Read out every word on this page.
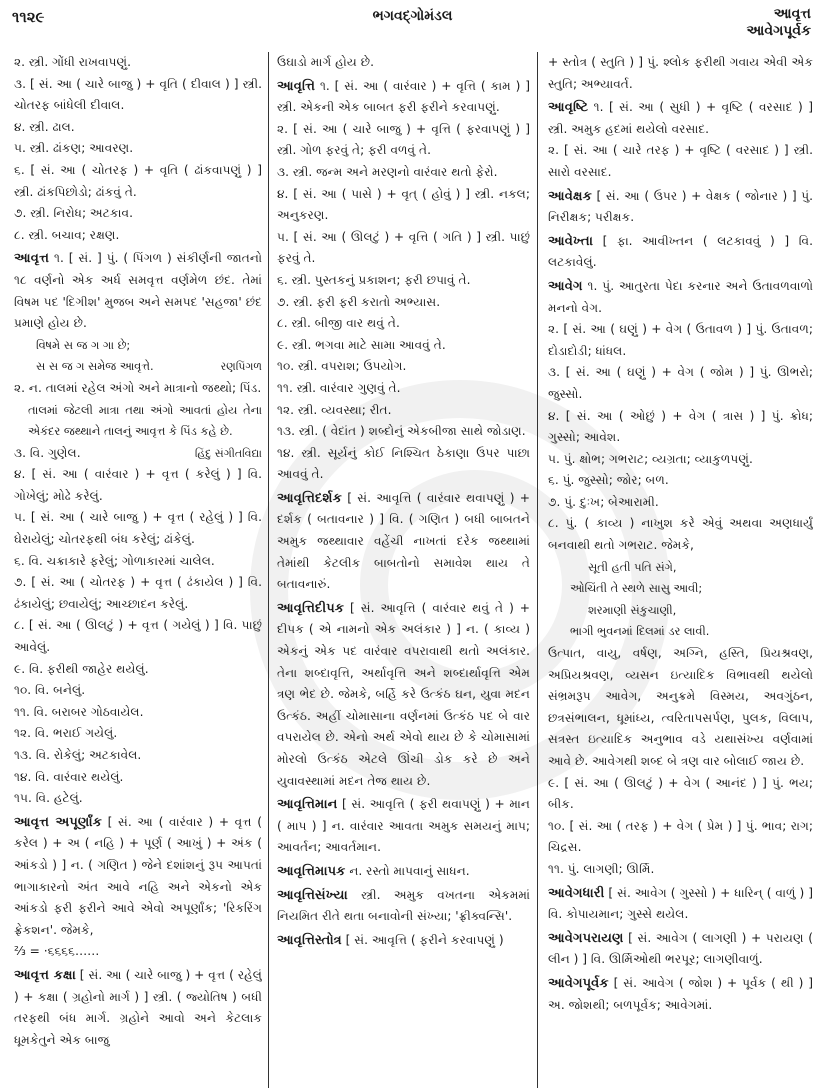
૧૧૨૯	ભગવદ્ગોમંડલ	આવૃત્ત
આવેગપૂર્વક
૨. સ્ત્રી. ગોંધી રાખવાપણું.
૩. [ સં. આ ( ચારે બાજુ ) + વૃતિ ( દીવાલ ) ] સ્ત્રી. ચોતરફ બાંધેલી દીવાલ.
૪. સ્ત્રી. ઢાલ.
૫. સ્ત્રી. ઢાંકણ; આવરણ.
૬. [ સં. આ ( ચોતરફ ) + વૃતિ ( ઢાંકવાપણું ) ] સ્ત્રી. ઢાંકપિછોડો; ઢાંકવું તે.
૭. સ્ત્રી. નિરોધ; અટકાવ.
૮. સ્ત્રી. બચાવ; રક્ષણ.
આવૃત્ત ૧. [ સં. ] પું. ( પિંગળ ) સંકીર્ણની જાતનો ૧૮ વર્ણનો એક અર્ધ સમવૃત્ત વર્ણમેળ છંદ. તેમાં વિષમ પદ 'દિગીશ' મુજબ અને સમપદ 'સહજા' છંદ પ્રમાણે હોય છે.
વિષમે સ જ ગ ગા છે;
સ સ જ ગ સમેજ આવૃત્તે.	રણપિંગળ
૨. ન. તાલમાં રહેલ અંગો અને માત્રાનો જથ્થો; પિંડ.
તાલમાં જેટલી માત્રા તથા અંગો આવતાં હોય તેના એકંદર જથ્થાને તાલનું આવૃત્ત કે પિંડ કહે છે.
હિંદુ સંગીતવિદ્યા
૩. વિ. ગુણેલ.
૪. [ સં. આ ( વારંવાર ) + વૃત્ત ( કરેલું ) ] વિ. ગોખેલું; મોઢે કરેલું.
૫. [ સં. આ ( ચારે બાજુ ) + વૃત્ત ( રહેલું ) ] વિ. ઘેરાયેલું; ચોતરફથી બંધ કરેલું; ઢાંકેલું.
૬. વિ. ચક્રાકારે ફરેલું; ગોળાકારમાં ચાલેલ.
૭. [ સં. આ ( ચોતરફ ) + વૃત્ત ( ઢંકાયેલ ) ] વિ. ઢંકાયેલું; છવાયેલું; આચ્છાદન કરેલું.
૮. [ સં. આ ( ઊલટું ) + વૃત્ત ( ગયેલું ) ] વિ. પાછું આવેલું.
૯. વિ. ફરીથી જાહેર થયેલું.
૧૦. વિ. બનેલું.
૧૧. વિ. બરાબર ગોઠવાયેલ.
૧૨. વિ. ભરાઈ ગયેલું.
૧૩. વિ. રોકેલું; અટકાવેલ.
૧૪. વિ. વારંવાર થયેલું.
૧૫. વિ. હટેલું.
આવૃત્ત અપૂર્ણાંક [ સં. આ ( વારંવાર ) + વૃત્ત ( કરેલ ) + અ ( નહિ ) + પૂર્ણ ( આખું ) + અંક ( આંકડો ) ] ન. ( ગણિત ) જેને દશાંશનું રૂપ આપતાં ભાગાકારનો અંત આવે નહિ અને એકનો એક આંકડો ફરી ફરીને આવે એવો અપૂર્ણાંક; 'રિકરિંગ ફ્રેકશન'. જેમકે,
⅔ = ·૬૬૬૬……
આવૃત્ત કક્ષા [ સં. આ ( ચારે બાજુ ) + વૃત્ત ( રહેલું ) + કક્ષા ( ગ્રહોનો માર્ગ ) ] સ્ત્રી. ( જ્યોતિષ ) બધી તરફથી બંધ માર્ગ. ગ્રહોને આવો અને કેટલાક ધૂમકેતુને એક બાજુ
ઉઘાડો માર્ગ હોય છે.
આવૃત્તિ ૧. [ સં. આ ( વારંવાર ) + વૃત્તિ ( કામ ) ] સ્ત્રી. એકની એક બાબત ફરી ફરીને કરવાપણું.
૨. [ સં. આ ( ચારે બાજુ ) + વૃત્તિ ( ફરવાપણું ) ] સ્ત્રી. ગોળ ફરવું તે; ફરી વળવું તે.
૩. સ્ત્રી. જન્મ અને મરણનો વારંવાર થતો ફેરો.
૪. [ સં. આ ( પાસે ) + વૃત્ ( હોવું ) ] સ્ત્રી. નકલ; અનુકરણ.
૫. [ સં. આ ( ઊલટું ) + વૃત્તિ ( ગતિ ) ] સ્ત્રી. પાછું ફરવું તે.
૬. સ્ત્રી. પુસ્તકનું પ્રકાશન; ફરી છપાવું તે.
૭. સ્ત્રી. ફરી ફરી કરાતો અભ્યાસ.
૮. સ્ત્રી. બીજી વાર થવું તે.
૯. સ્ત્રી. ભગવા માટે સામા આવવું તે.
૧૦. સ્ત્રી. વપરાશ; ઉપયોગ.
૧૧. સ્ત્રી. વારંવાર ગુણવું તે.
૧૨. સ્ત્રી. વ્યવસ્થા; રીત.
૧૩. સ્ત્રી. ( વેદાંત ) શબ્દોનું એકબીજા સાથે જોડાણ.
૧૪. સ્ત્રી. સૂર્યનું કોઈ નિશ્ચિત ઠેકાણા ઉપર પાછા આવવું તે.
આવૃત્તિદર્શક [ સં. આવૃત્તિ ( વારંવાર થવાપણું ) + દર્શક ( બતાવનાર ) ] વિ. ( ગણિત ) બધી બાબતને અમુક જથ્થાવાર વહેંચી નાખતાં દરેક જથ્થામાં તેમાંથી કેટલીક બાબતોનો સમાવેશ થાય તે બતાવનારું.
આવૃત્તિદીપક [ સં. આવૃત્તિ ( વારંવાર થવું તે ) + દીપક ( એ નામનો એક અલંકાર ) ] ન. ( કાવ્ય ) એકનું એક પદ વારંવાર વપરાવાથી થતો અલંકાર. તેના શબ્દાવૃત્તિ, અર્થાવૃત્તિ અને શબ્દાર્થાવૃત્તિ એમ ત્રણ ભેદ છે. જેમકે, બર્હિ કરે ઉત્કંઠ ઘન, યુવા મદન ઉત્કંઠ. અહીં ચોમાસાના વર્ણનમાં ઉત્કંઠ પદ બે વાર વપરાયેલ છે. એનો અર્થ એવો થાય છે કે ચોમાસામાં મોરલો ઉત્કંઠ એટલે ઊંચી ડોક કરે છે અને યુવાવસ્થામાં મદન તેજ થાય છે.
આવૃત્તિમાન [ સં. આવૃત્તિ ( ફરી થવાપણું ) + માન ( માપ ) ] ન. વારંવાર આવતા અમુક સમયનું માપ; આવર્તન; આવર્તમાન.
આવૃત્તિમાપક ન. રસ્તો માપવાનું સાધન.
આવૃત્તિસંખ્યા સ્ત્રી. અમુક વખતના એકમમાં નિયમિત રીતે થતા બનાવોની સંખ્યા; 'ફ્રીક્વન્સિ'.
આવૃત્તિસ્તોત્ર [ સં. આવૃત્તિ ( ફરીને કરવાપણું )
+ સ્તોત્ર ( સ્તુતિ ) ] પું. શ્લોક ફરીથી ગવાય એવી એક સ્તુતિ; અભ્યાવર્ત.
આવૃષ્ટિ ૧. [ સં. આ ( સુધી ) + વૃષ્ટિ ( વરસાદ ) ] સ્ત્રી. અમુક હદમાં થયેલો વરસાદ.
૨. [ સં. આ ( ચારે તરફ ) + વૃષ્ટિ ( વરસાદ ) ] સ્ત્રી. સારો વરસાદ.
આવેક્ષક [ સં. આ ( ઉપર ) + વેક્ષક ( જોનાર ) ] પું. નિરીક્ષક; પરીક્ષક.
આવેખ્તા [ ફા. આવીખ્તન ( લટકાવવું ) ] વિ. લટકાવેલું.
આવેગ ૧. પું. આતુરતા પેદા કરનાર અને ઉતાવળવાળો મનનો વેગ.
૨. [ સં. આ ( ઘણું ) + વેગ ( ઉતાવળ ) ] પું. ઉતાવળ; દોડાદોડી; ધાંધલ.
૩. [ સં. આ ( ઘણું ) + વેગ ( જોમ ) ] પું. ઊભરો; જુસ્સો.
૪. [ સં. આ ( ઓછું ) + વેગ ( ત્રાસ ) ] પું. ક્રોધ; ગુસ્સો; આવેશ.
૫. પું. ક્ષોભ; ગભરાટ; વ્યગ્રતા; વ્યાકુળપણું.
૬. પું. જુસ્સો; જોર; બળ.
૭. પું. દુઃખ; બેઆરામી.
૮. પું. ( કાવ્ય ) નાખુશ કરે એવું અથવા અણધાર્યું બનવાથી થતો ગભરાટ. જેમકે,
સૂતી હતી પતિ સંગે,
ઓચિંતી તે સ્થળે સાસુ આવી;
શરમાણી સંકુચાણી,
ભાગી ભુવનમાં દિલમાં ડર લાવી.
ઉત્પાત, વાયુ, વર્ષણ, અગ્નિ, હસ્તિ, પ્રિયશ્રવણ, અપ્રિયશ્રવણ, વ્યસન ઇત્યાદિક વિભાવથી થયેલો સંભ્રમરૂપ આવેગ, અનુક્રમે વિસ્મય, અવગુંઠન, છત્રસંભાલન, ધૂમાંધ્ય, ત્વરિતાપસર્પણ, પુલક, વિલાપ, સત્રસ્ત ઇત્યાદિક અનુભાવ વડે યથાસંખ્ય વર્ણવામાં આવે છે. આવેગથી શબ્દ બે ત્રણ વાર બોલાઈ જાય છે.
૯. [ સં. આ ( ઊલટું ) + વેગ ( આનંદ ) ] પું. ભય; બીક.
૧૦. [ સં. આ ( તરફ ) + વેગ ( પ્રેમ ) ] પું. ભાવ; રાગ; ચિદ્રસ.
૧૧. પું. લાગણી; ઊર્મિ.
આવેગધારી [ સં. આવેગ ( ગુસ્સો ) + ધારિન્ ( વાળું ) ] વિ. કોપાયમાન; ગુસ્સે થયેલ.
આવેગપરાયણ [ સં. આવેગ ( લાગણી ) + પરાયણ ( લીન ) ] વિ. ઊર્મિઓથી ભરપૂર; લાગણીવાળું.
આવેગપૂર્વક [ સં. આવેગ ( જોશ ) + પૂર્વક ( થી ) ] અ. જોશથી; બળપૂર્વક; આવેગમાં.
